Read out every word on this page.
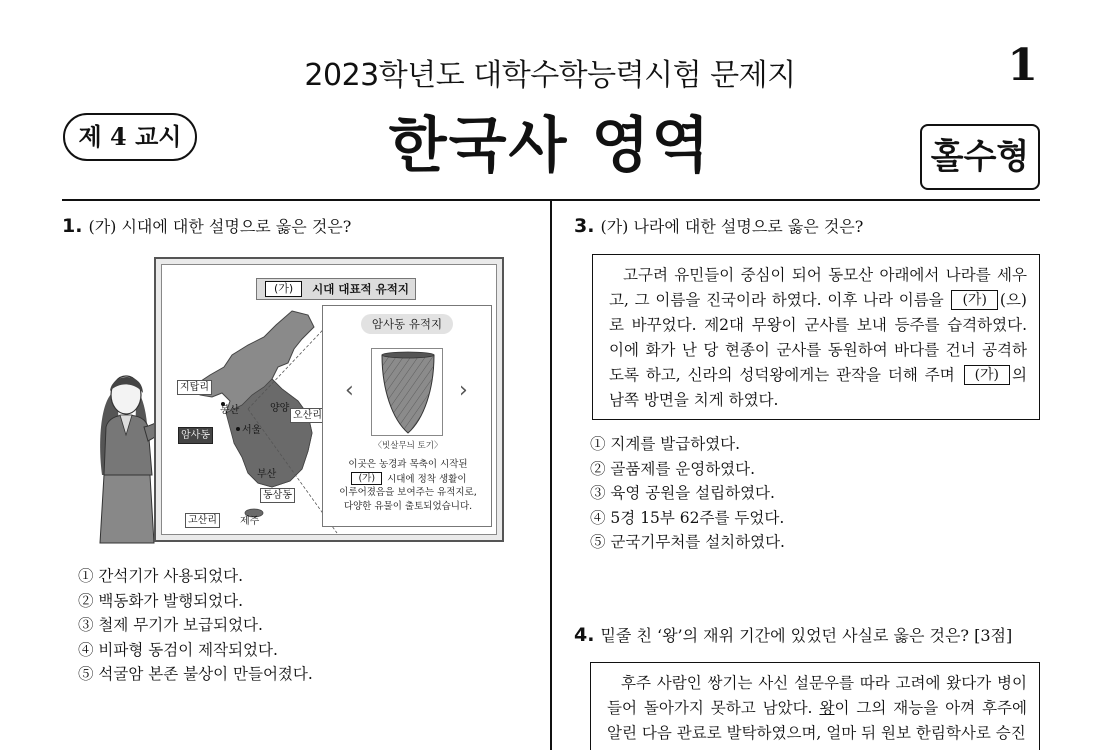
2023학년도 대학수학능력시험 문제지	1
제 4 교시	한국사 영역	홀수형
1. (가) 시대에 대한 설명으로 옳은 것은?
(가)	시대 대표적 유적지
지탑리
봉산	양양
오산리
서울
암사동
부산
동삼동
고산리	제주
암사동 유적지
‹	›
〈빗살무늬 토기〉
이곳은 농경과 목축이 시작된
(가) 시대에 정착 생활이
이루어졌음을 보여주는 유적지로,
다양한 유물이 출토되었습니다.
① 간석기가 사용되었다.
② 백동화가 발행되었다.
③ 철제 무기가 보급되었다.
④ 비파형 동검이 제작되었다.
⑤ 석굴암 본존 불상이 만들어졌다.
3. (가) 나라에 대한 설명으로 옳은 것은?
고구려 유민들이 중심이 되어 동모산 아래에서 나라를 세우고, 그 이름을 진국이라 하였다. 이후 나라 이름을 (가) (으)로 바꾸었다. 제2대 무왕이 군사를 보내 등주를 습격하였다. 이에 화가 난 당 현종이 군사를 동원하여 바다를 건너 공격하도록 하고, 신라의 성덕왕에게는 관작을 더해 주며 (가) 의 남쪽 방면을 치게 하였다.
① 지계를 발급하였다.
② 골품제를 운영하였다.
③ 육영 공원을 설립하였다.
④ 5경 15부 62주를 두었다.
⑤ 군국기무처를 설치하였다.
4. 밑줄 친 ‘왕’의 재위 기간에 있었던 사실로 옳은 것은? [3점]
후주 사람인 쌍기는 사신 설문우를 따라 고려에 왔다가 병이 들어 돌아가지 못하고 남았다. 왕이 그의 재능을 아껴 후주에 알린 다음 관료로 발탁하였으며, 얼마 뒤 원보 한림학사로 승진
